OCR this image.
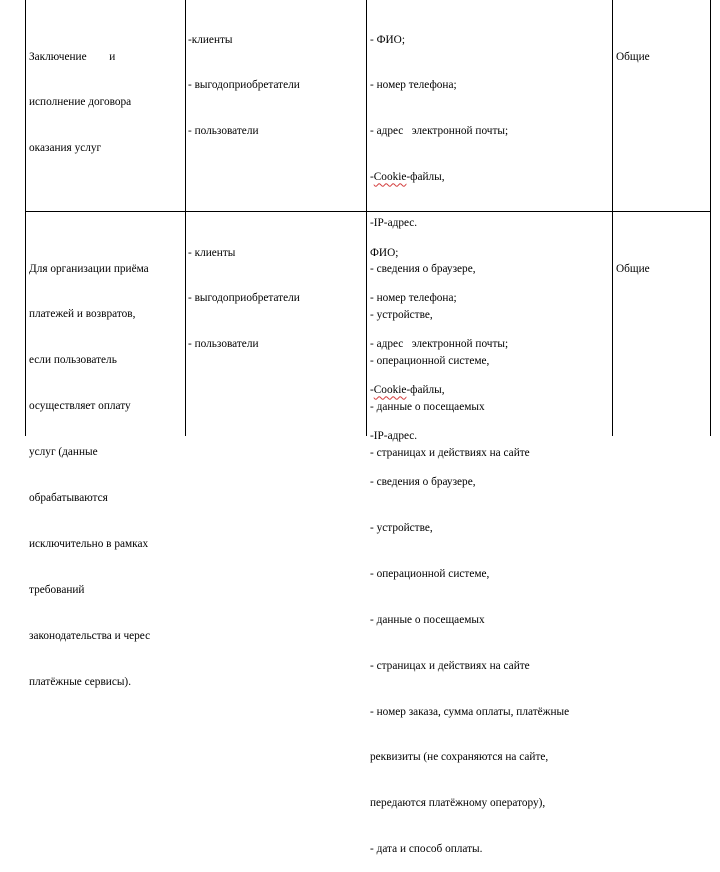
Заключение        и

исполнение договора

оказания услуг

-клиенты

- выгодоприобретатели

- пользователи

- ФИО;

- номер телефона;

- адрес   электронной почты;

-Cookie-файлы,

-IP-адрес.

- сведения о браузере,

- устройстве,

- операционной системе,

- данные о посещаемых

- страницах и действиях на сайте

Общие

Для организации приёма

платежей и возвратов,

если пользователь

осуществляет оплату

услуг (данные

обрабатываются

исключительно в рамках

требований

законодательства и черес

платёжные сервисы).

- клиенты

- выгодоприобретатели

- пользователи

ФИО;

- номер телефона;

- адрес   электронной почты;

-Cookie-файлы,

-IP-адрес.

- сведения о браузере,

- устройстве,

- операционной системе,

- данные о посещаемых

- страницах и действиях на сайте

- номер заказа, сумма оплаты, платёжные

реквизиты (не сохраняются на сайте,

передаются платёжному оператору),

- дата и способ оплаты.

Общие
